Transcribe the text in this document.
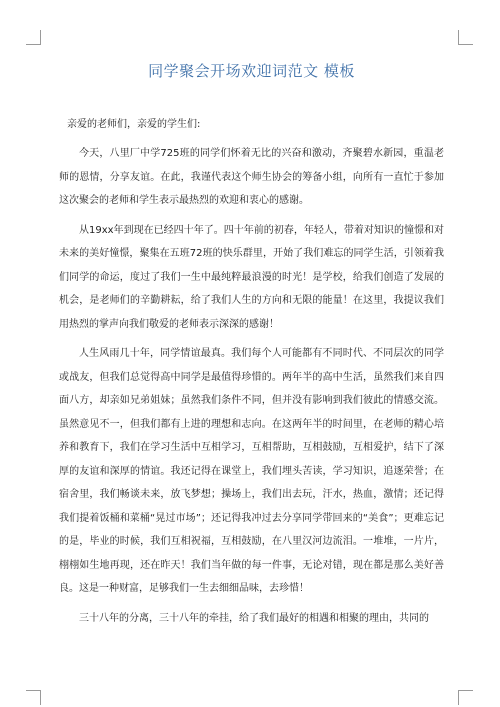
同学聚会开场欢迎词范文 模板
亲爱的老师们，亲爱的学生们:

今天，八里厂中学725班的同学们怀着无比的兴奋和激动，齐聚碧水新园，重温老师的恩情，分享友谊。在此，我谨代表这个师生协会的筹备小组，向所有一直忙于参加这次聚会的老师和学生表示最热烈的欢迎和衷心的感谢。

从19xx年到现在已经四十年了。四十年前的初春，年轻人，带着对知识的憧憬和对未来的美好憧憬，聚集在五班72班的快乐群里，开始了我们难忘的同学生活，引领着我们同学的命运，度过了我们一生中最纯粹最浪漫的时光！是学校，给我们创造了发展的机会，是老师们的辛勤耕耘，给了我们人生的方向和无限的能量！在这里，我提议我们用热烈的掌声向我们敬爱的老师表示深深的感谢！

人生风雨几十年，同学情谊最真。我们每个人可能都有不同时代、不同层次的同学或战友，但我们总觉得高中同学是最值得珍惜的。两年半的高中生活，虽然我们来自四面八方，却亲如兄弟姐妹；虽然我们条件不同，但并没有影响到我们彼此的情感交流。虽然意见不一，但我们都有上进的理想和志向。在这两年半的时间里，在老师的精心培养和教育下，我们在学习生活中互相学习，互相帮助，互相鼓励，互相爱护，结下了深厚的友谊和深厚的情谊。我还记得在课堂上，我们埋头苦读，学习知识，追逐荣誉；在宿舍里，我们畅谈未来，放飞梦想；操场上，我们出去玩，汗水，热血，激情；还记得我们提着饭桶和菜桶“晃过市场”；还记得我冲过去分享同学带回来的“美食”；更难忘记的是，毕业的时候，我们互相祝福，互相鼓励，在八里汉河边流泪。一堆堆，一片片，栩栩如生地再现，还在昨天！我们当年做的每一件事，无论对错，现在都是那么美好善良。这是一种财富，足够我们一生去细细品味，去珍惜！

三十八年的分离，三十八年的牵挂，给了我们最好的相遇和相聚的理由，共同的
